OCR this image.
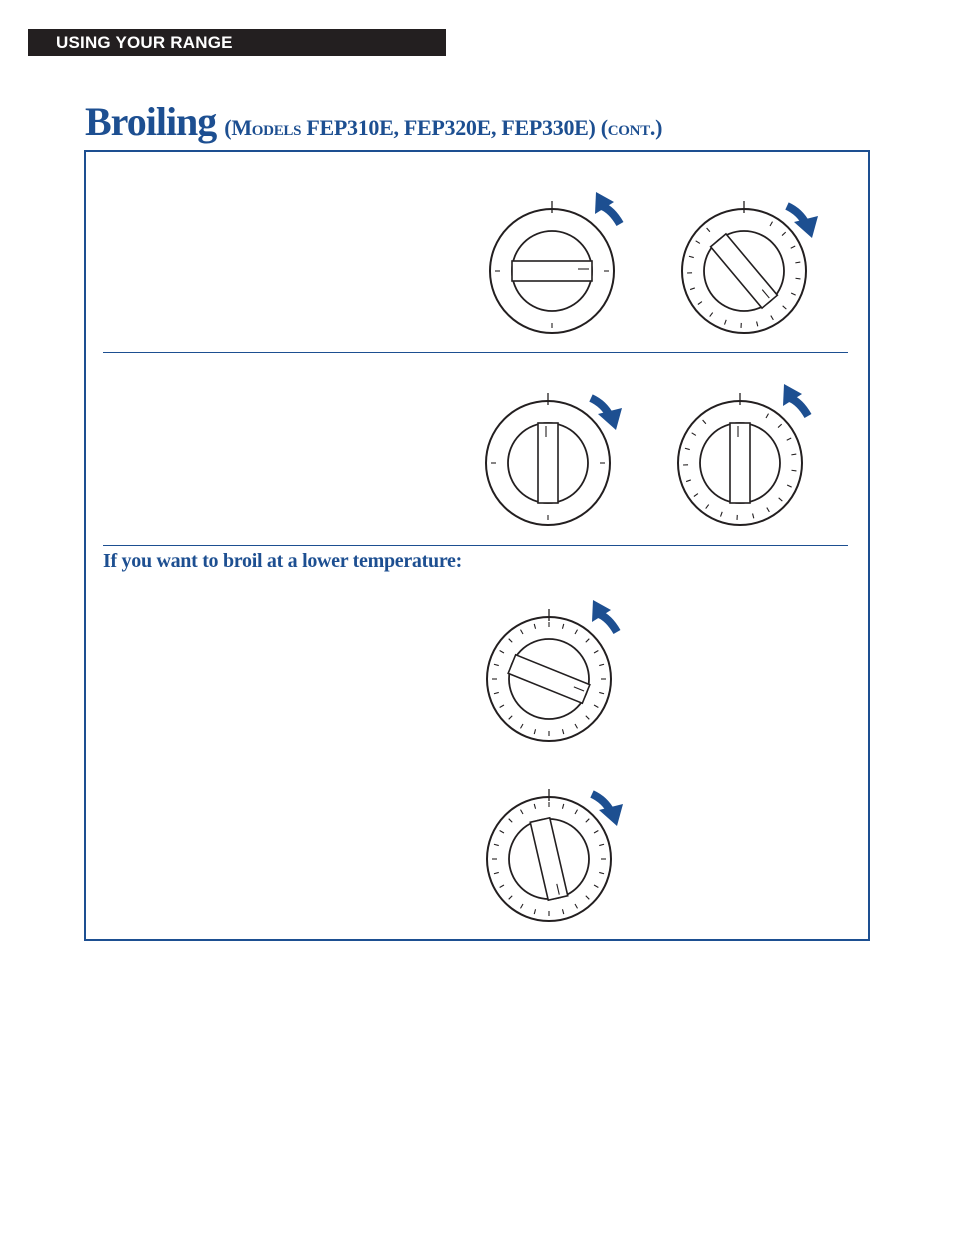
USING YOUR RANGE
Broiling (Models FEP310E, FEP320E, FEP330E) (cont.)
If you want to broil at a lower temperature:
